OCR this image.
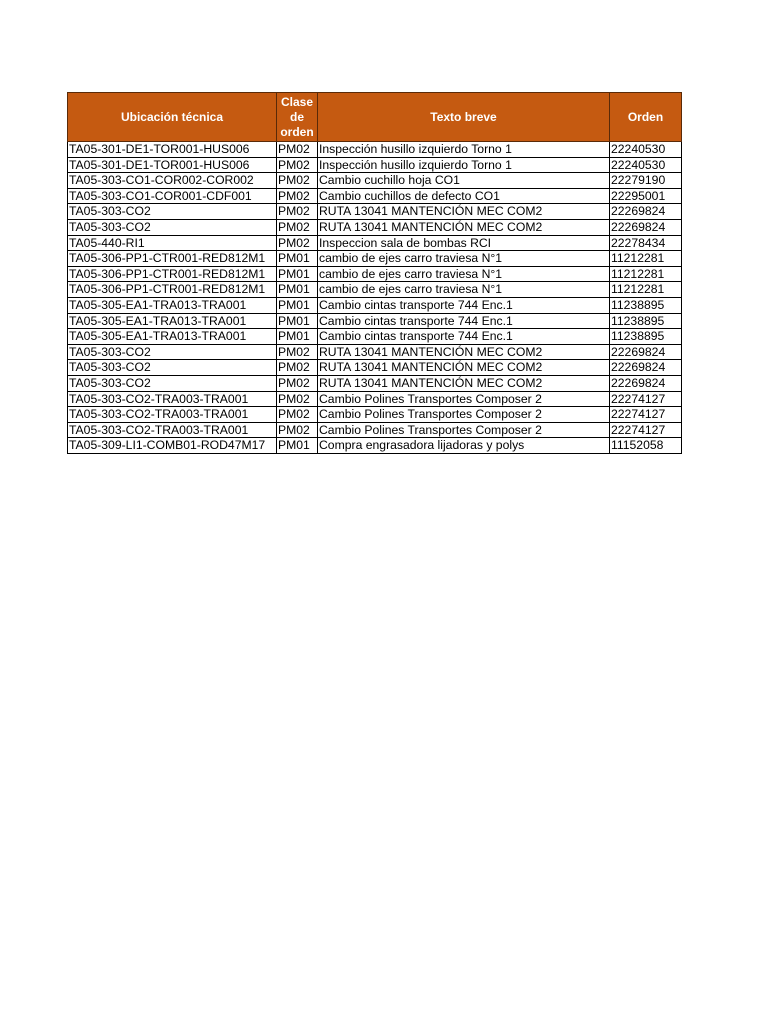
Ubicación técnica	Clase de orden	Texto breve	Orden
TA05-301-DE1-TOR001-HUS006	PM02	Inspección husillo izquierdo Torno 1	22240530
TA05-301-DE1-TOR001-HUS006	PM02	Inspección husillo izquierdo Torno 1	22240530
TA05-303-CO1-COR002-COR002	PM02	Cambio cuchillo hoja CO1	22279190
TA05-303-CO1-COR001-CDF001	PM02	Cambio cuchillos de defecto CO1	22295001
TA05-303-CO2	PM02	RUTA 13041 MANTENCIÓN MEC COM2	22269824
TA05-303-CO2	PM02	RUTA 13041 MANTENCIÓN MEC COM2	22269824
TA05-440-RI1	PM02	Inspeccion sala de bombas RCI	22278434
TA05-306-PP1-CTR001-RED812M1	PM01	cambio de ejes carro traviesa N°1	11212281
TA05-306-PP1-CTR001-RED812M1	PM01	cambio de ejes carro traviesa N°1	11212281
TA05-306-PP1-CTR001-RED812M1	PM01	cambio de ejes carro traviesa N°1	11212281
TA05-305-EA1-TRA013-TRA001	PM01	Cambio cintas transporte 744 Enc.1	11238895
TA05-305-EA1-TRA013-TRA001	PM01	Cambio cintas transporte 744 Enc.1	11238895
TA05-305-EA1-TRA013-TRA001	PM01	Cambio cintas transporte 744 Enc.1	11238895
TA05-303-CO2	PM02	RUTA 13041 MANTENCIÓN MEC COM2	22269824
TA05-303-CO2	PM02	RUTA 13041 MANTENCIÓN MEC COM2	22269824
TA05-303-CO2	PM02	RUTA 13041 MANTENCIÓN MEC COM2	22269824
TA05-303-CO2-TRA003-TRA001	PM02	Cambio Polines Transportes Composer 2	22274127
TA05-303-CO2-TRA003-TRA001	PM02	Cambio Polines Transportes Composer 2	22274127
TA05-303-CO2-TRA003-TRA001	PM02	Cambio Polines Transportes Composer 2	22274127
TA05-309-LI1-COMB01-ROD47M17	PM01	Compra engrasadora lijadoras y polys	11152058
